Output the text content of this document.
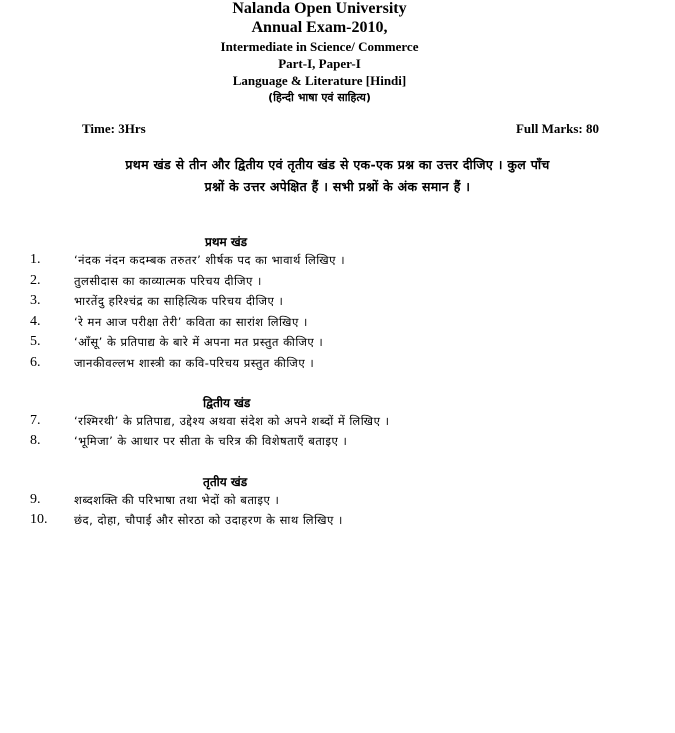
Nalanda Open University
Annual Exam-2010,
Intermediate in Science/ Commerce
Part-I, Paper-I
Language & Literature [Hindi]
(हिन्दी भाषा एवं साहित्य)
Time: 3Hrs	Full Marks: 80
प्रथम खंड से तीन और द्वितीय एवं तृतीय खंड से एक-एक प्रश्न का उत्तर दीजिए । कुल पाँच
प्रश्नों के उत्तर अपेक्षित हैं । सभी प्रश्नों के अंक समान हैं ।
प्रथम खंड
1.	‘नंदक नंदन कदम्बक तरुतर’ शीर्षक पद का भावार्थ लिखिए ।
2.	तुलसीदास का काव्यात्मक परिचय दीजिए ।
3.	भारतेंदु हरिश्चंद्र का साहित्यिक परिचय दीजिए ।
4.	‘रे मन आज परीक्षा तेरी’ कविता का सारांश लिखिए ।
5.	‘आँसू’ के प्रतिपाद्य के बारे में अपना मत प्रस्तुत कीजिए ।
6.	जानकीवल्लभ शास्त्री का कवि-परिचय प्रस्तुत कीजिए ।
द्वितीय खंड
7.	‘रश्मिरथी’ के प्रतिपाद्य, उद्देश्य अथवा संदेश को अपने शब्दों में लिखिए ।
8.	‘भूमिजा’ के आधार पर सीता के चरित्र की विशेषताएँ बताइए ।
तृतीय खंड
9.	शब्दशक्ति की परिभाषा तथा भेदों को बताइए ।
10. छंद, दोहा, चौपाई और सोरठा को उदाहरण के साथ लिखिए ।
